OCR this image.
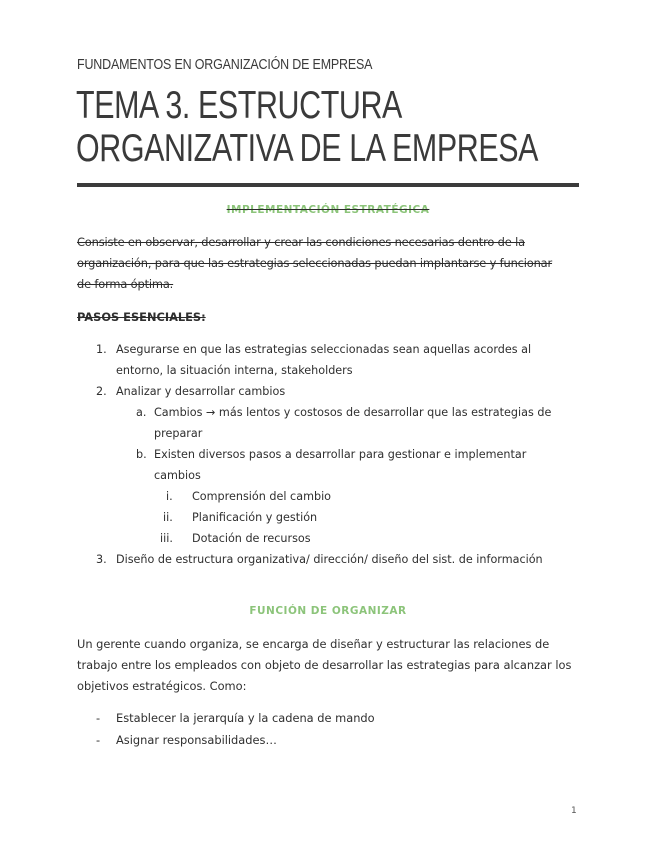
FUNDAMENTOS EN ORGANIZACIÓN DE EMPRESA
TEMA 3. ESTRUCTURA
ORGANIZATIVA DE LA EMPRESA
IMPLEMENTACIÓN ESTRATÉGICA
Consiste en observar, desarrollar y crear las condiciones necesarias dentro de la
organización, para que las estrategias seleccionadas puedan implantarse y funcionar
de forma óptima.
PASOS ESENCIALES:
1. Asegurarse en que las estrategias seleccionadas sean aquellas acordes al
entorno, la situación interna, stakeholders
2. Analizar y desarrollar cambios
a. Cambios → más lentos y costosos de desarrollar que las estrategias de
preparar
b. Existen diversos pasos a desarrollar para gestionar e implementar
cambios
i. Comprensión del cambio
ii. Planificación y gestión
iii. Dotación de recursos
3. Diseño de estructura organizativa/ dirección/ diseño del sist. de información
FUNCIÓN DE ORGANIZAR
Un gerente cuando organiza, se encarga de diseñar y estructurar las relaciones de
trabajo entre los empleados con objeto de desarrollar las estrategias para alcanzar los
objetivos estratégicos. Como:
- Establecer la jerarquía y la cadena de mando
- Asignar responsabilidades…
1
